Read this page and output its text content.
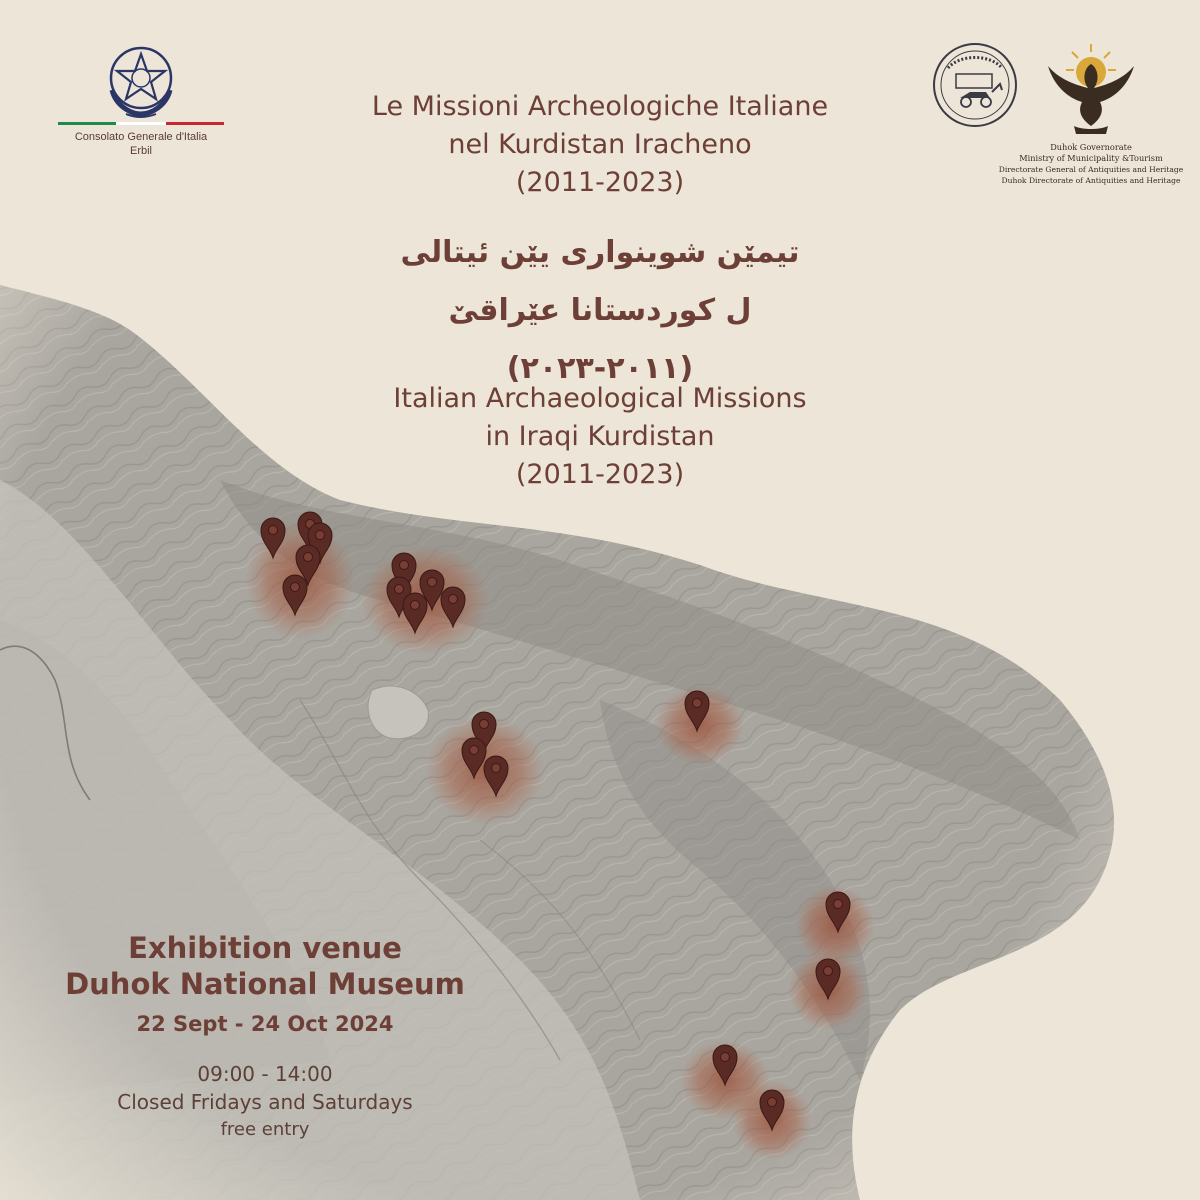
Consolato Generale d'Italia
Erbil	Duhok Governorate
Ministry of Municipality &Tourism
Directorate General of Antiquities and Heritage
Duhok Directorate of Antiquities and Heritage
Le Missioni Archeologiche Italiane
nel Kurdistan Iracheno
(2011-2023)
تیمێن شوینواری یێن ئیتالی
ل کوردستانا عێراقێ
(٢٠١١-٢٠٢٣)
Italian Archaeological Missions
in Iraqi Kurdistan
(2011-2023)
Exhibition venue
Duhok National Museum
22 Sept - 24 Oct 2024
09:00 - 14:00
Closed Fridays and Saturdays
free entry
